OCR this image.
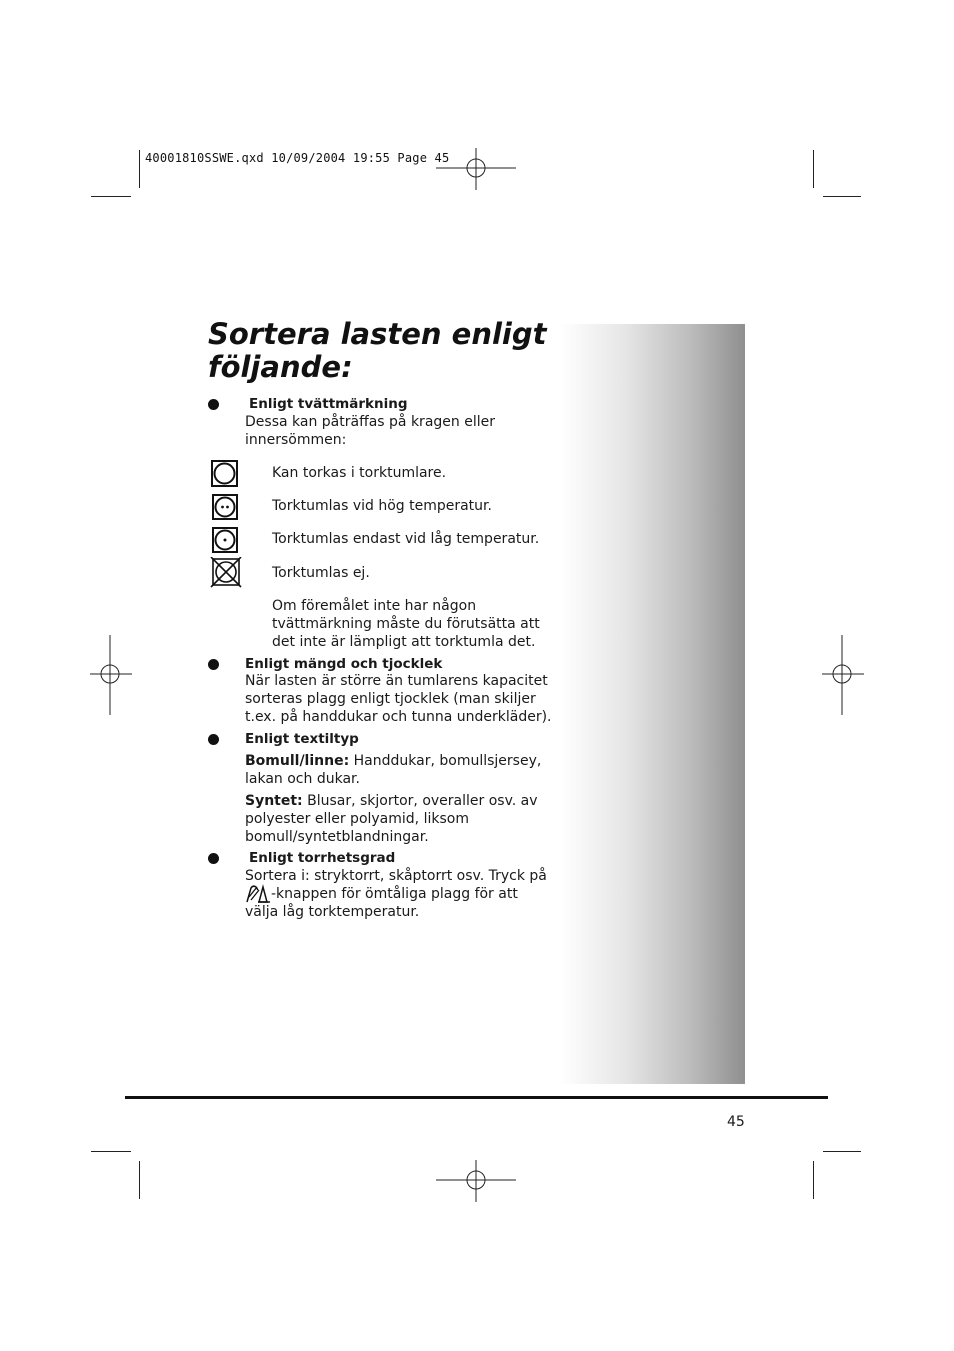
40001810SSWE.qxd 10/09/2004 19:55 Page 45
Sortera lasten enligt
följande:
Enligt tvättmärkning
Dessa kan påträffas på kragen eller
innersömmen:
Kan torkas i torktumlare.
Torktumlas vid hög temperatur.
Torktumlas endast vid låg temperatur.
Torktumlas ej.
Om föremålet inte har någon
tvättmärkning måste du förutsätta att
det inte är lämpligt att torktumla det.
Enligt mängd och tjocklek
När lasten är större än tumlarens kapacitet
sorteras plagg enligt tjocklek (man skiljer
t.ex. på handdukar och tunna underkläder).
Enligt textiltyp
Bomull/linne: Handdukar, bomullsjersey,
lakan och dukar.
Syntet: Blusar, skjortor, overaller osv. av
polyester eller polyamid, liksom
bomull/syntetblandningar.
Enligt torrhetsgrad
Sortera i: stryktorrt, skåptorrt osv. Tryck på
-knappen för ömtåliga plagg för att
välja låg torktemperatur.
45
